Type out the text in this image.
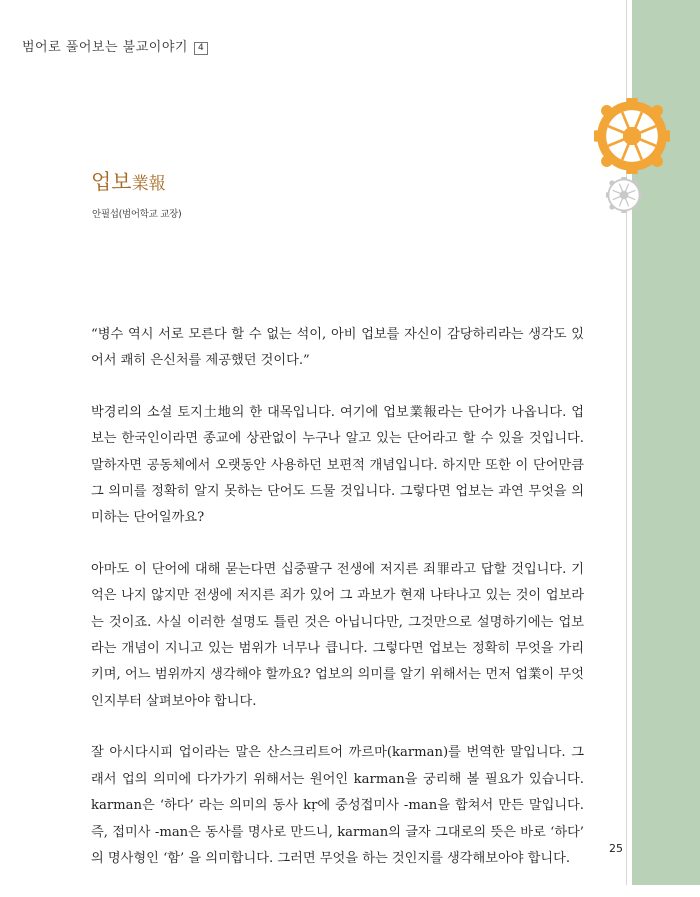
범어로 풀어보는 불교이야기 4
업보業報
안필섭(범어학교 교장)

“병수 역시 서로 모른다 할 수 없는 석이, 아비 업보를 자신이 감당하리라는 생각도 있어서 쾌히 은신처를 제공했던 것이다.”

박경리의 소설 토지土地의 한 대목입니다. 여기에 업보業報라는 단어가 나옵니다. 업보는 한국인이라면 종교에 상관없이 누구나 알고 있는 단어라고 할 수 있을 것입니다. 말하자면 공동체에서 오랫동안 사용하던 보편적 개념입니다. 하지만 또한 이 단어만큼 그 의미를 정확히 알지 못하는 단어도 드물 것입니다. 그렇다면 업보는 과연 무엇을 의미하는 단어일까요?

아마도 이 단어에 대해 묻는다면 십중팔구 전생에 저지른 죄罪라고 답할 것입니다. 기억은 나지 않지만 전생에 저지른 죄가 있어 그 과보가 현재 나타나고 있는 것이 업보라는 것이죠. 사실 이러한 설명도 틀린 것은 아닙니다만, 그것만으로 설명하기에는 업보라는 개념이 지니고 있는 범위가 너무나 큽니다. 그렇다면 업보는 정확히 무엇을 가리키며, 어느 범위까지 생각해야 할까요? 업보의 의미를 알기 위해서는 먼저 업業이 무엇인지부터 살펴보아야 합니다.

잘 아시다시피 업이라는 말은 산스크리트어 까르마(karman)를 번역한 말입니다. 그래서 업의 의미에 다가가기 위해서는 원어인 karman을 궁리해 볼 필요가 있습니다. karman은 ‘하다’ 라는 의미의 동사 kṛ에 중성접미사 -man을 합쳐서 만든 말입니다. 즉, 접미사 -man은 동사를 명사로 만드니, karman의 글자 그대로의 뜻은 바로 ‘하다’ 의 명사형인 ‘함’ 을 의미합니다. 그러면 무엇을 하는 것인지를 생각해보아야 합니다.

25
